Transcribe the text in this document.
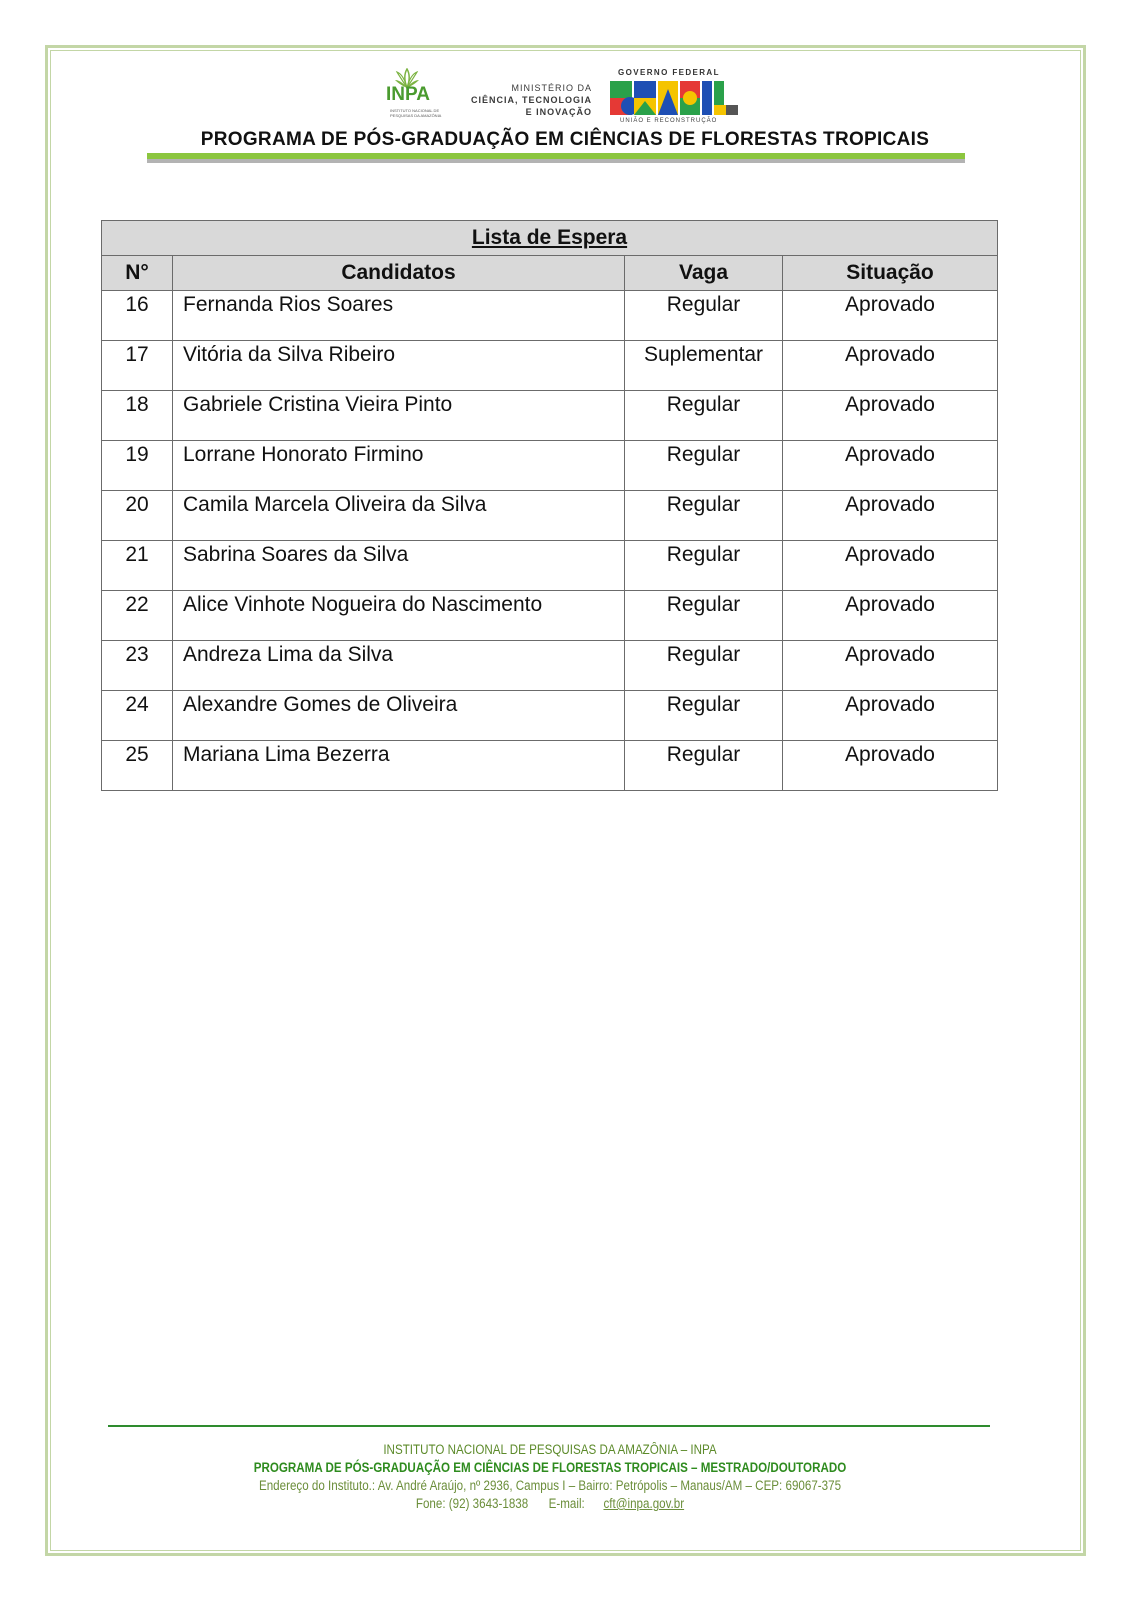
INPA
INSTITUTO NACIONAL DE PESQUISAS DA AMAZÔNIA
MINISTÉRIO DA
CIÊNCIA, TECNOLOGIA
E INOVAÇÃO
GOVERNO FEDERAL
UNIÃO E RECONSTRUÇÃO
PROGRAMA DE PÓS-GRADUAÇÃO EM CIÊNCIAS DE FLORESTAS TROPICAIS
Lista de Espera			
N°	Candidatos	Vaga	Situação
16	Fernanda Rios Soares	Regular	Aprovado
17	Vitória da Silva Ribeiro	Suplementar	Aprovado
18	Gabriele Cristina Vieira Pinto	Regular	Aprovado
19	Lorrane Honorato Firmino	Regular	Aprovado
20	Camila Marcela Oliveira da Silva	Regular	Aprovado
21	Sabrina Soares da Silva	Regular	Aprovado
22	Alice Vinhote Nogueira do Nascimento	Regular	Aprovado
23	Andreza Lima da Silva	Regular	Aprovado
24	Alexandre Gomes de Oliveira	Regular	Aprovado
25	Mariana Lima Bezerra	Regular	Aprovado
INSTITUTO NACIONAL DE PESQUISAS DA AMAZÔNIA – INPA
PROGRAMA DE PÓS-GRADUAÇÃO EM CIÊNCIAS DE FLORESTAS TROPICAIS – MESTRADO/DOUTORADO
Endereço do Instituto.: Av. André Araújo, nº 2936, Campus I – Bairro: Petrópolis – Manaus/AM – CEP: 69067-375
Fone: (92) 3643-1838 E-mail: cft@inpa.gov.br
